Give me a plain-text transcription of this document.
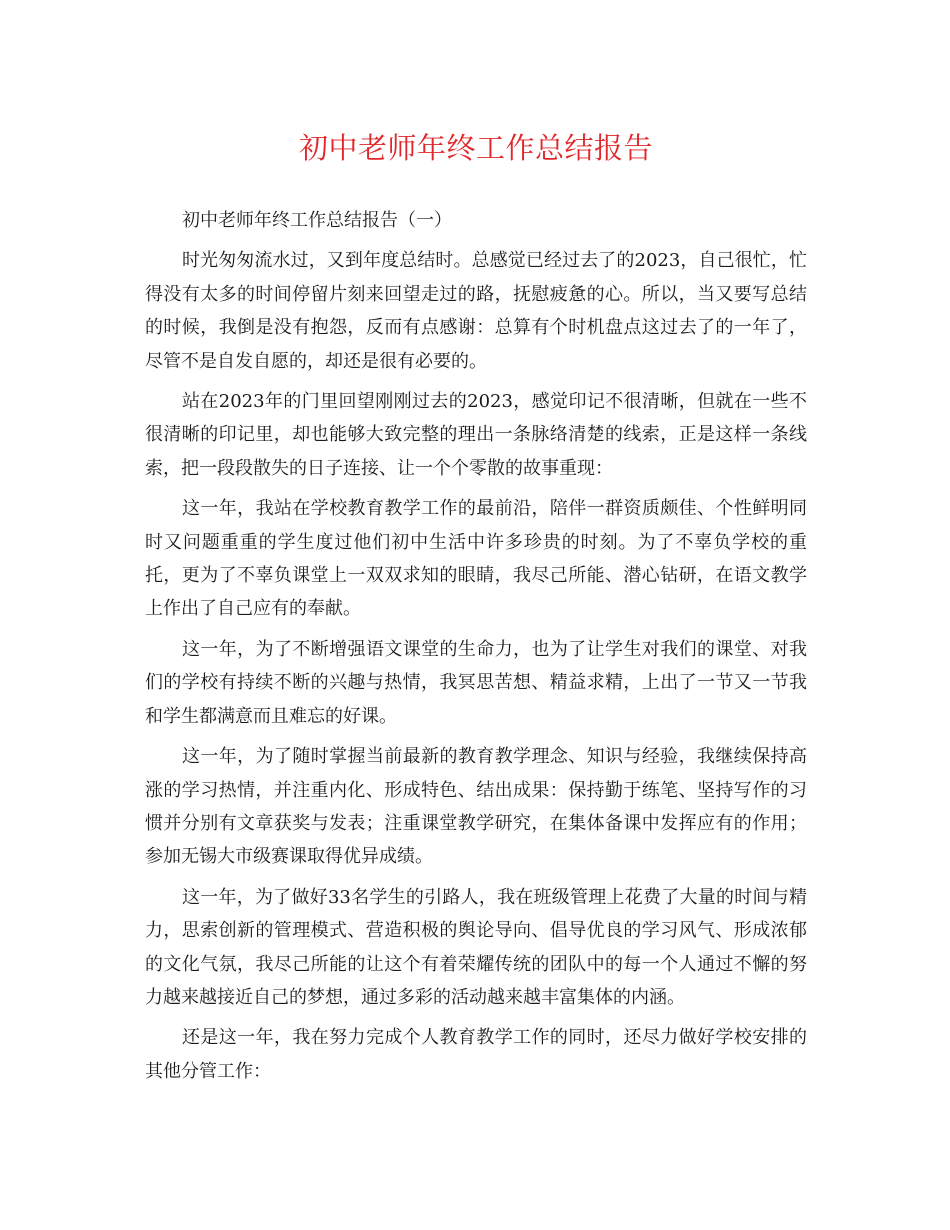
初中老师年终工作总结报告

初中老师年终工作总结报告（一）

时光匆匆流水过，又到年度总结时。总感觉已经过去了的2023，自己很忙，忙得没有太多的时间停留片刻来回望走过的路，抚慰疲惫的心。所以，当又要写总结的时候，我倒是没有抱怨，反而有点感谢：总算有个时机盘点这过去了的一年了，尽管不是自发自愿的，却还是很有必要的。

站在2023年的门里回望刚刚过去的2023，感觉印记不很清晰，但就在一些不很清晰的印记里，却也能够大致完整的理出一条脉络清楚的线索，正是这样一条线索，把一段段散失的日子连接、让一个个零散的故事重现：

这一年，我站在学校教育教学工作的最前沿，陪伴一群资质颇佳、个性鲜明同时又问题重重的学生度过他们初中生活中许多珍贵的时刻。为了不辜负学校的重托，更为了不辜负课堂上一双双求知的眼睛，我尽己所能、潜心钻研，在语文教学上作出了自己应有的奉献。

这一年，为了不断增强语文课堂的生命力，也为了让学生对我们的课堂、对我们的学校有持续不断的兴趣与热情，我冥思苦想、精益求精，上出了一节又一节我和学生都满意而且难忘的好课。

这一年，为了随时掌握当前最新的教育教学理念、知识与经验，我继续保持高涨的学习热情，并注重内化、形成特色、结出成果：保持勤于练笔、坚持写作的习惯并分别有文章获奖与发表；注重课堂教学研究，在集体备课中发挥应有的作用；参加无锡大市级赛课取得优异成绩。

这一年，为了做好33名学生的引路人，我在班级管理上花费了大量的时间与精力，思索创新的管理模式、营造积极的舆论导向、倡导优良的学习风气、形成浓郁的文化气氛，我尽己所能的让这个有着荣耀传统的团队中的每一个人通过不懈的努力越来越接近自己的梦想，通过多彩的活动越来越丰富集体的内涵。

还是这一年，我在努力完成个人教育教学工作的同时，还尽力做好学校安排的其他分管工作：
